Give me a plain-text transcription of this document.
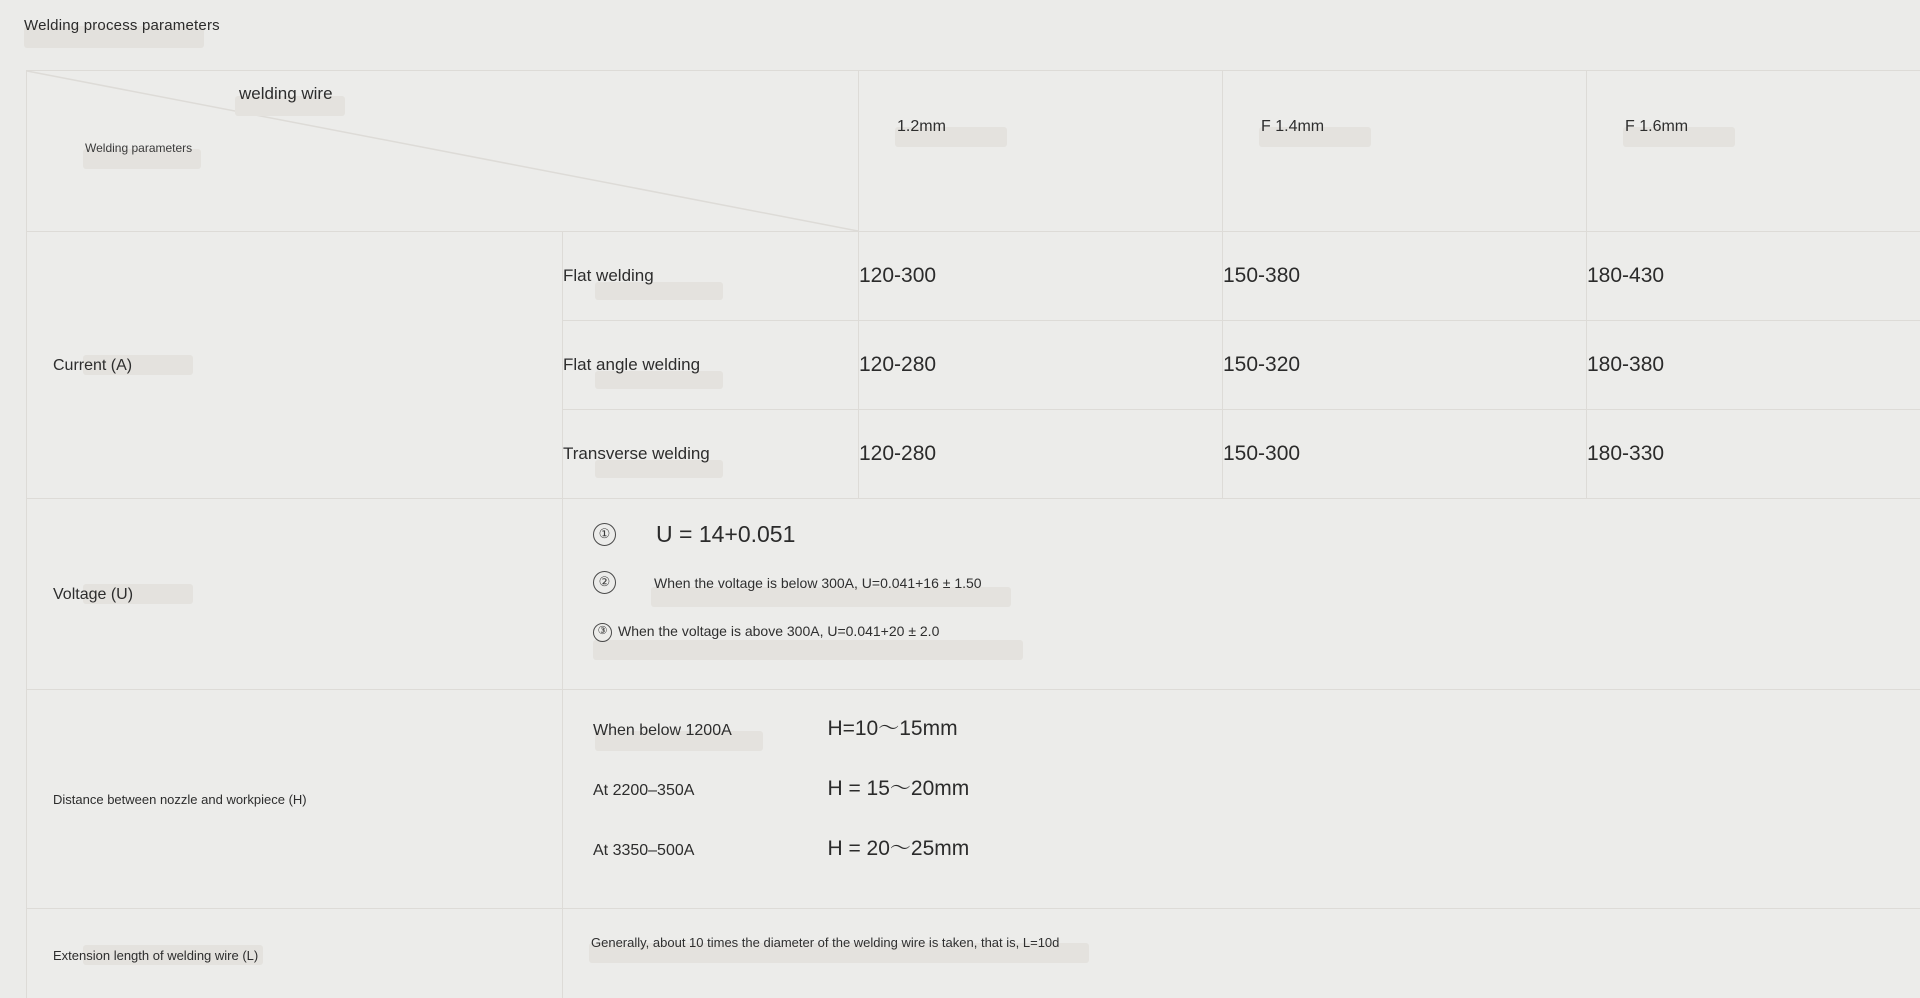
Welding process parameters
welding wire
Welding parameters		1.2mm	F 1.4mm	F 1.6mm

Current (A)	Flat welding	120-300	150-380	180-430

Flat angle welding	120-280	150-320	180-380

Transverse welding	120-280	150-300	180-330

Voltage (U)	① U = 14+0.051
② When the voltage is below 300A, U=0.041+16 ± 1.50
③ When the voltage is above 300A, U=0.041+20 ± 2.0			

Distance between nozzle and workpiece (H)	When below 1200A H=10～15mm
At 2200–350A H = 15～20mm
At 3350–500A H = 20～25mm			

Extension length of welding wire (L)	Generally, about 10 times the diameter of the welding wire is taken, that is, L=10d			
